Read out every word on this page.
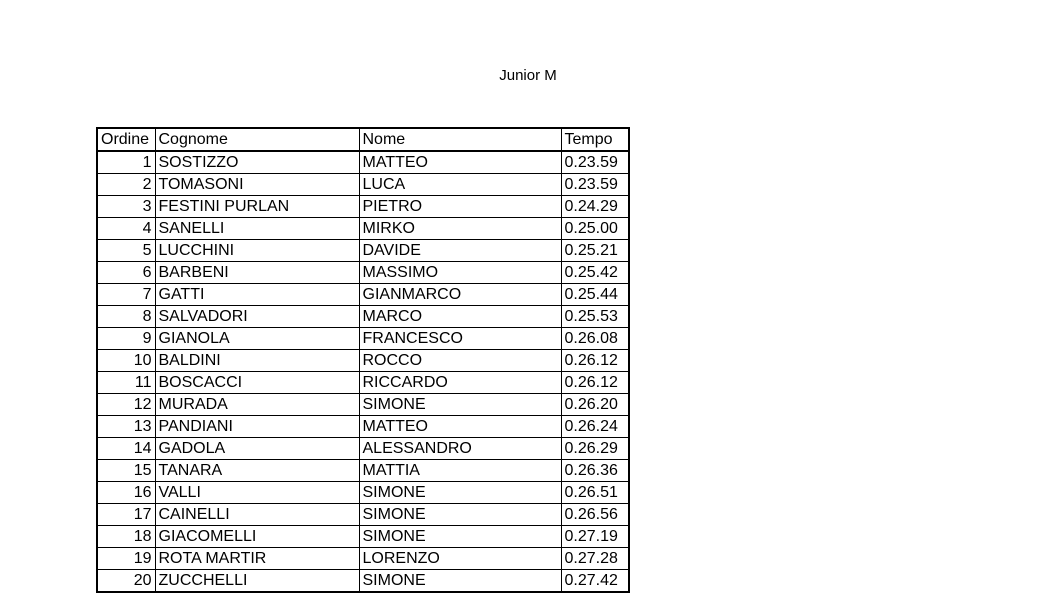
Junior M
Ordine	Cognome	Nome	Tempo
1	SOSTIZZO	MATTEO	0.23.59
2	TOMASONI	LUCA	0.23.59
3	FESTINI PURLAN	PIETRO	0.24.29
4	SANELLI	MIRKO	0.25.00
5	LUCCHINI	DAVIDE	0.25.21
6	BARBENI	MASSIMO	0.25.42
7	GATTI	GIANMARCO	0.25.44
8	SALVADORI	MARCO	0.25.53
9	GIANOLA	FRANCESCO	0.26.08
10	BALDINI	ROCCO	0.26.12
11	BOSCACCI	RICCARDO	0.26.12
12	MURADA	SIMONE	0.26.20
13	PANDIANI	MATTEO	0.26.24
14	GADOLA	ALESSANDRO	0.26.29
15	TANARA	MATTIA	0.26.36
16	VALLI	SIMONE	0.26.51
17	CAINELLI	SIMONE	0.26.56
18	GIACOMELLI	SIMONE	0.27.19
19	ROTA MARTIR	LORENZO	0.27.28
20	ZUCCHELLI	SIMONE	0.27.42
